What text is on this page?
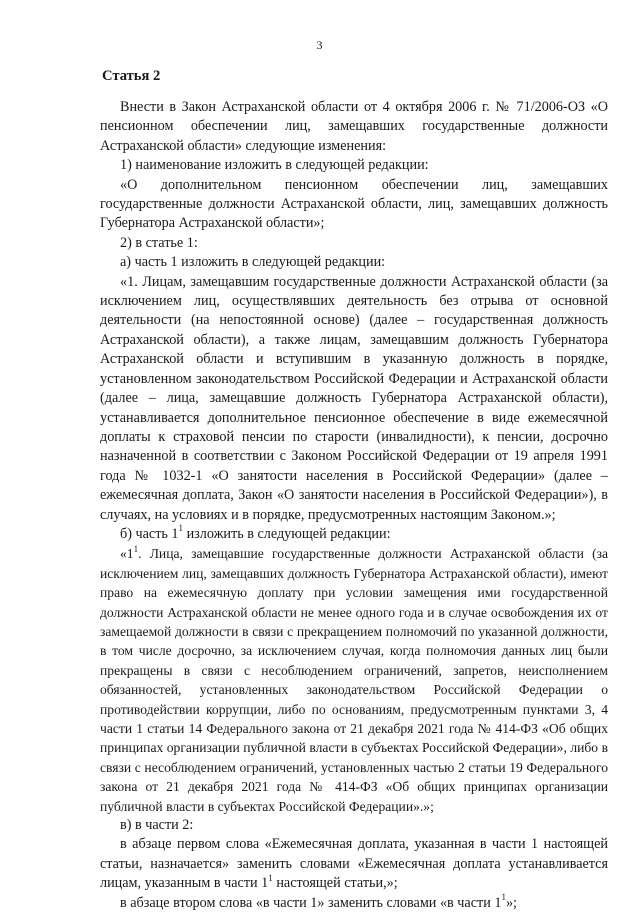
3
Статья 2

Внести в Закон Астраханской области от 4 октября 2006 г. № 71/2006-ОЗ «О пенсионном обеспечении лиц, замещавших государственные должности Астраханской области» следующие изменения:

1) наименование изложить в следующей редакции:

«О дополнительном пенсионном обеспечении лиц, замещавших государственные должности Астраханской области, лиц, замещавших должность Губернатора Астраханской области»;

2) в статье 1:

а) часть 1 изложить в следующей редакции:

«1. Лицам, замещавшим государственные должности Астраханской области (за исключением лиц, осуществлявших деятельность без отрыва от основной деятельности (на непостоянной основе) (далее – государственная должность Астраханской области), а также лицам, замещавшим должность Губернатора Астраханской области и вступившим в указанную должность в порядке, установленном законодательством Российской Федерации и Астраханской области (далее – лица, замещавшие должность Губернатора Астраханской области), устанавливается дополнительное пенсионное обеспечение в виде ежемесячной доплаты к страховой пенсии по старости (инвалидности), к пенсии, досрочно назначенной в соответствии с Законом Российской Федерации от 19 апреля 1991 года № 1032-1 «О занятости населения в Российской Федерации» (далее – ежемесячная доплата, Закон «О занятости населения в Российской Федерации»), в случаях, на условиях и в порядке, предусмотренных настоящим Законом.»;

б) часть $1^1$ изложить в следующей редакции:

«$1^1$. Лица, замещавшие государственные должности Астраханской области (за исключением лиц, замещавших должность Губернатора Астраханской области), имеют право на ежемесячную доплату при условии замещения ими государственной должности Астраханской области не менее одного года и в случае освобождения их от замещаемой должности в связи с прекращением полномочий по указанной должности, в том числе досрочно, за исключением случая, когда полномочия данных лиц были прекращены в связи с несоблюдением ограничений, запретов, неисполнением обязанностей, установленных законодательством Российской Федерации о противодействии коррупции, либо по основаниям, предусмотренным пунктами 3, 4 части 1 статьи 14 Федерального закона от 21 декабря 2021 года № 414-ФЗ «Об общих принципах организации публичной власти в субъектах Российской Федерации», либо в связи с несоблюдением ограничений, установленных частью 2 статьи 19 Федерального закона от 21 декабря 2021 года № 414-ФЗ «Об общих принципах организации публичной власти в субъектах Российской Федерации».»;

в) в части 2:

в абзаце первом слова «Ежемесячная доплата, указанная в части 1 настоящей статьи, назначается» заменить словами «Ежемесячная доплата устанавливается лицам, указанным в части $1^1$ настоящей статьи,»;

в абзаце втором слова «в части 1» заменить словами «в части $1^1$»;
